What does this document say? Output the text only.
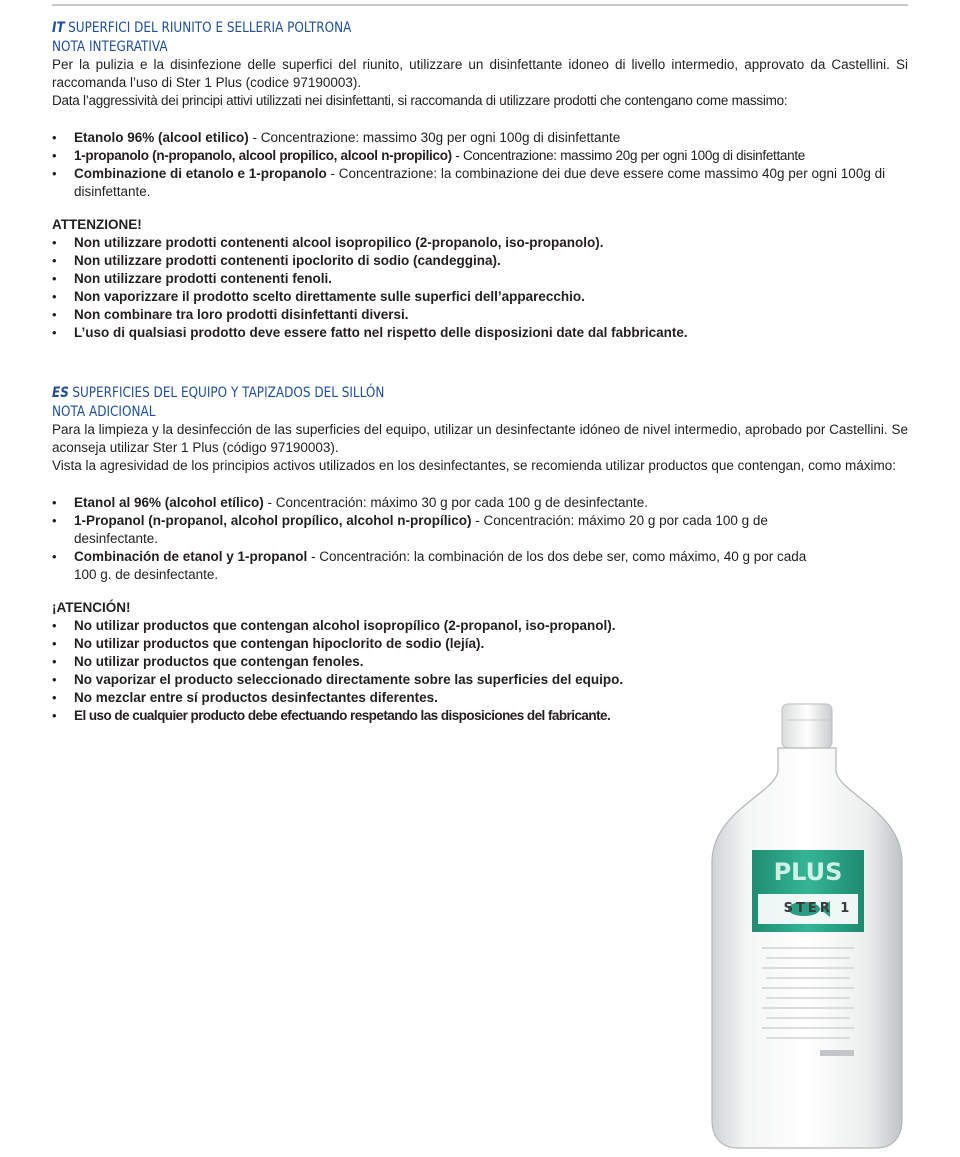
IT SUPERFICI DEL RIUNITO E SELLERIA POLTRONA
NOTA INTEGRATIVA

Per la pulizia e la disinfezione delle superfici del riunito, utilizzare un disinfettante idoneo di livello intermedio, approvato da Castellini. Si raccomanda l’uso di Ster 1 Plus (codice 97190003).

Data l’aggressività dei principi attivi utilizzati nei disinfettanti, si raccomanda di utilizzare prodotti che contengano come massimo:

• Etanolo 96% (alcool etilico) - Concentrazione: massimo 30g per ogni 100g di disinfettante
• 1-propanolo (n-propanolo, alcool propilico, alcool n-propilico) - Concentrazione: massimo 20g per ogni 100g di disinfettante
• Combinazione di etanolo e 1-propanolo - Concentrazione: la combinazione dei due deve essere come massimo 40g per ogni 100g di disinfettante.

ATTENZIONE!

• Non utilizzare prodotti contenenti alcool isopropilico (2-propanolo, iso-propanolo).
• Non utilizzare prodotti contenenti ipoclorito di sodio (candeggina).
• Non utilizzare prodotti contenenti fenoli.
• Non vaporizzare il prodotto scelto direttamente sulle superfici dell’apparecchio.
• Non combinare tra loro prodotti disinfettanti diversi.
• L’uso di qualsiasi prodotto deve essere fatto nel rispetto delle disposizioni date dal fabbricante.
ES SUPERFICIES DEL EQUIPO Y TAPIZADOS DEL SILLÓN
NOTA ADICIONAL

Para la limpieza y la desinfección de las superficies del equipo, utilizar un desinfectante idóneo de nivel intermedio, aprobado por Castellini. Se aconseja utilizar Ster 1 Plus (código 97190003).

Vista la agresividad de los principios activos utilizados en los desinfectantes, se recomienda utilizar productos que contengan, como máximo:

• Etanol al 96% (alcohol etílico) - Concentración: máximo 30 g por cada 100 g de desinfectante.
• 1-Propanol (n-propanol, alcohol propílico, alcohol n-propílico) - Concentración: máximo 20 g por cada 100 g de desinfectante.
• Combinación de etanol y 1-propanol - Concentración: la combinación de los dos debe ser, como máximo, 40 g por cada 100 g. de desinfectante.

¡ATENCIÓN!

• No utilizar productos que contengan alcohol isopropílico (2-propanol, iso-propanol).
• No utilizar productos que contengan hipoclorito de sodio (lejía).
• No utilizar productos que contengan fenoles.
• No vaporizar el producto seleccionado directamente sobre las superficies del equipo.
• No mezclar entre sí productos desinfectantes diferentes.
• El uso de cualquier producto debe efectuando respetando las disposiciones del fabricante.
PLUS
STER 1
